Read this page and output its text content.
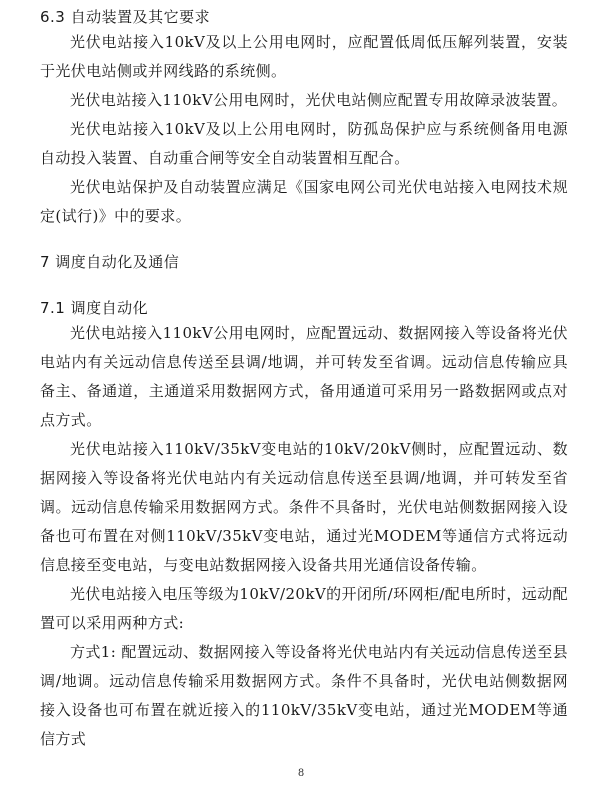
6.3 自动装置及其它要求

光伏电站接入10kV及以上公用电网时，应配置低周低压解列装置，安装于光伏电站侧或并网线路的系统侧。

光伏电站接入110kV公用电网时，光伏电站侧应配置专用故障录波装置。

光伏电站接入10kV及以上公用电网时，防孤岛保护应与系统侧备用电源自动投入装置、自动重合闸等安全自动装置相互配合。

光伏电站保护及自动装置应满足《国家电网公司光伏电站接入电网技术规定(试行)》中的要求。

7 调度自动化及通信
7.1 调度自动化

光伏电站接入110kV公用电网时，应配置远动、数据网接入等设备将光伏电站内有关远动信息传送至县调/地调，并可转发至省调。远动信息传输应具备主、备通道，主通道采用数据网方式，备用通道可采用另一路数据网或点对点方式。

光伏电站接入110kV/35kV变电站的10kV/20kV侧时，应配置远动、数据网接入等设备将光伏电站内有关远动信息传送至县调/地调，并可转发至省调。远动信息传输采用数据网方式。条件不具备时，光伏电站侧数据网接入设备也可布置在对侧110kV/35kV变电站，通过光MODEM等通信方式将远动信息接至变电站，与变电站数据网接入设备共用光通信设备传输。

光伏电站接入电压等级为10kV/20kV的开闭所/环网柜/配电所时，远动配置可以采用两种方式:

方式1: 配置远动、数据网接入等设备将光伏电站内有关远动信息传送至县调/地调。远动信息传输采用数据网方式。条件不具备时，光伏电站侧数据网接入设备也可布置在就近接入的110kV/35kV变电站，通过光MODEM等通信方式

8
